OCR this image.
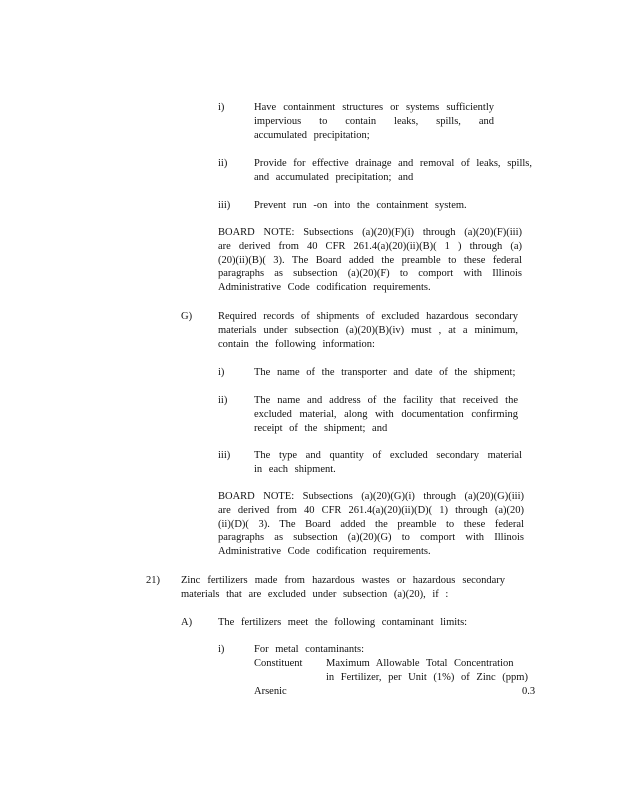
i)	Have containment structures or systems sufficiently impervious to contain leaks, spills, and accumulated precipitation;

ii)	Provide for effective drainage and removal of leaks, spills, and accumulated precipitation; and

iii) Prevent run -on into the containment system.

BOARD NOTE: Subsections (a)(20)(F)(i) through (a)(20)(F)(iii) are derived from 40 CFR 261.4(a)(20)(ii)(B)( 1 ) through (a)(20)(ii)(B)( 3). The Board added the preamble to these federal paragraphs as subsection (a)(20)(F) to comport with Illinois Administrative Code codification requirements.

G) Required records of shipments of excluded hazardous secondary materials under subsection (a)(20)(B)(iv) must , at a minimum, contain the following information:

i)	The name of the transporter and date of the shipment;

ii)	The name and address of the facility that received the excluded material, along with documentation confirming receipt of the shipment; and

iii) The type and quantity of excluded secondary material in each shipment.

BOARD NOTE: Subsections (a)(20)(G)(i) through (a)(20)(G)(iii) are derived from 40 CFR 261.4(a)(20)(ii)(D)( 1) through (a)(20)(ii)(D)( 3). The Board added the preamble to these federal paragraphs as subsection (a)(20)(G) to comport with Illinois Administrative Code codification requirements.

21) Zinc fertilizers made from hazardous wastes or hazardous secondary materials that are excluded under subsection (a)(20), if :

A) The fertilizers meet the following contaminant limits:

i)	For metal contaminants:
Constituent Maximum Allowable Total Concentration
in Fertilizer, per Unit (1%) of Zinc (ppm)
Arsenic	0.3
